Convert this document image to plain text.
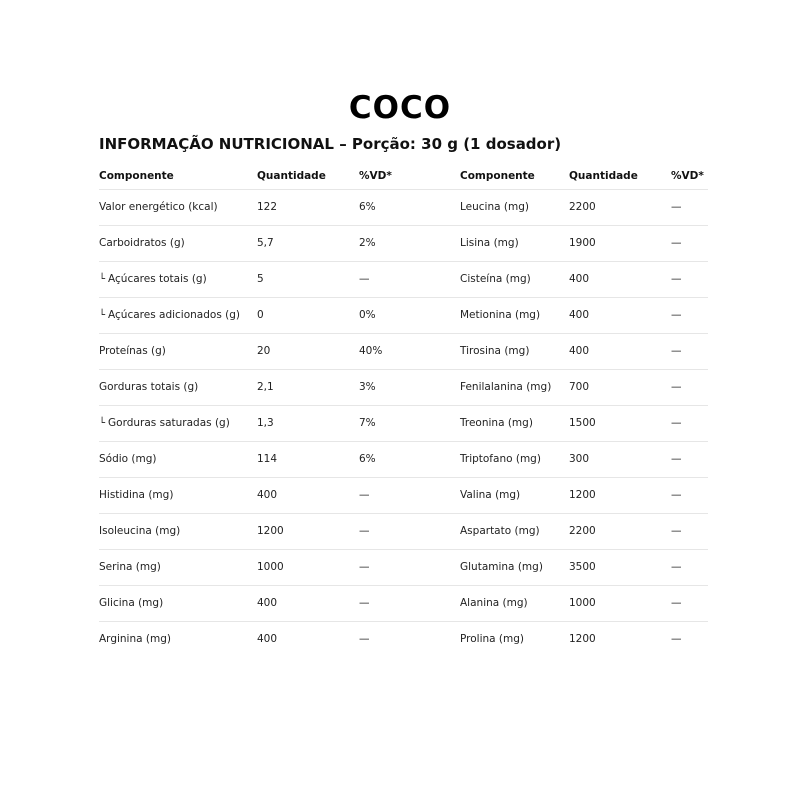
COCO
INFORMAÇÃO NUTRICIONAL – Porção: 30 g (1 dosador)
Componente	Quantidade	%VD*	Componente	Quantidade	%VD*
Valor energético (kcal)	122	6%	Leucina (mg)	2200	—
Carboidratos (g)	5,7	2%	Lisina (mg)	1900	—
└ Açúcares totais (g)	5	—	Cisteína (mg)	400	—
└ Açúcares adicionados (g) 0	0%	Metionina (mg)	400	—
Proteínas (g)	20	40%	Tirosina (mg)	400	—
Gorduras totais (g)	2,1	3%	Fenilalanina (mg) 700	—
└ Gorduras saturadas (g)	1,3	7%	Treonina (mg)	1500	—
Sódio (mg)	114	6%	Triptofano (mg)	300	—
Histidina (mg)	400	—	Valina (mg)	1200	—
Isoleucina (mg)	1200	—	Aspartato (mg)	2200	—
Serina (mg)	1000	—	Glutamina (mg) 3500	—
Glicina (mg)	400	—	Alanina (mg)	1000	—
Arginina (mg)	400	—	Prolina (mg)	1200	—
